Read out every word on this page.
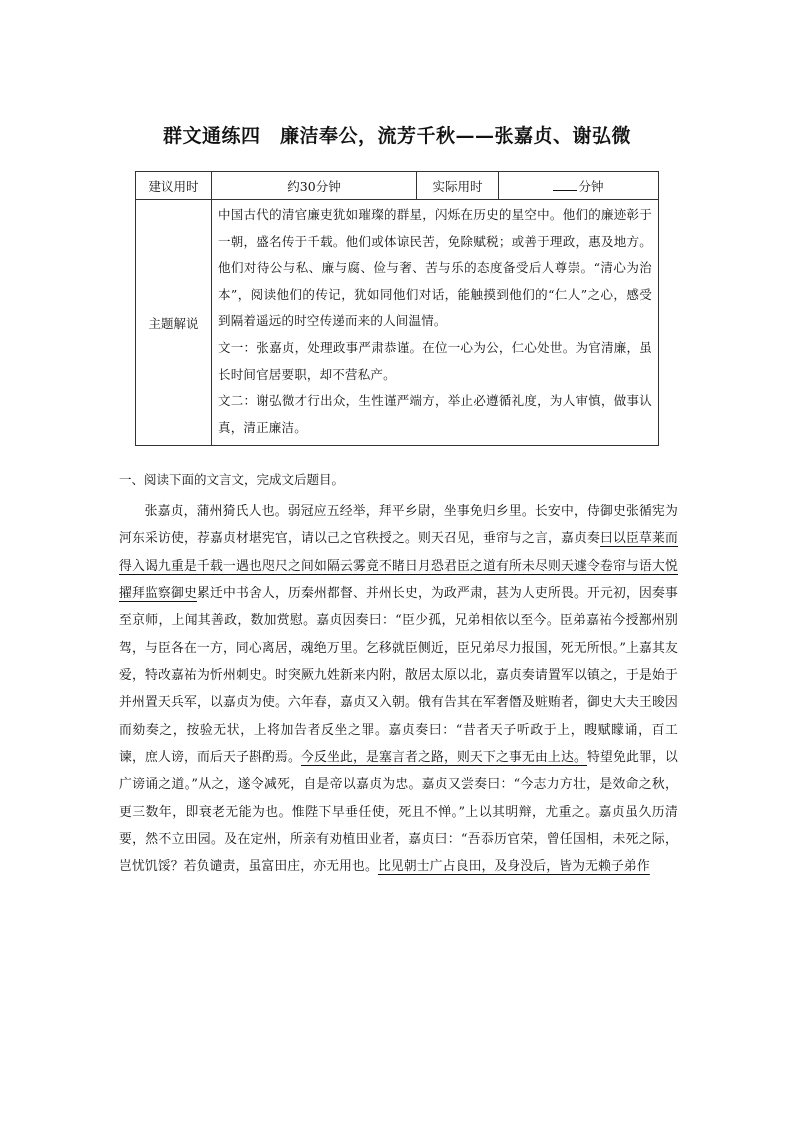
群文通练四　廉洁奉公，流芳千秋——张嘉贞、谢弘微
建议用时	约30分钟	实际用时	分钟
主题解说	中国古代的清官廉吏犹如璀璨的群星，闪烁在历史的星空中。他们的廉迹彰于一朝，盛名传于千载。他们或体谅民苦，免除赋税；或善于理政，惠及地方。他们对待公与私、廉与腐、俭与奢、苦与乐的态度备受后人尊崇。“清心为治本”，阅读他们的传记，犹如同他们对话，能触摸到他们的“仁人”之心，感受到隔着遥远的时空传递而来的人间温情。

文一：张嘉贞，处理政事严肃恭谨。在位一心为公，仁心处世。为官清廉，虽长时间官居要职，却不营私产。

文二：谢弘微才行出众，生性谨严端方，举止必遵循礼度，为人审慎，做事认真，清正廉洁。		

一、阅读下面的文言文，完成文后题目。

张嘉贞，蒲州猗氏人也。弱冠应五经举，拜平乡尉，坐事免归乡里。长安中，侍御史张循宪为河东采访使，荐嘉贞材堪宪官，请以己之官秩授之。则天召见，垂帘与之言，嘉贞奏曰以臣草莱而得入谒九重是千载一遇也咫尺之间如隔云雾竟不睹日月恐君臣之道有所未尽则天遽令卷帘与语大悦擢拜监察御史累迁中书舍人，历秦州都督、并州长史，为政严肃，甚为人吏所畏。开元初，因奏事至京师，上闻其善政，数加赏慰。嘉贞因奏曰：“臣少孤，兄弟相依以至今。臣弟嘉祐今授鄯州别驾，与臣各在一方，同心离居，魂绝万里。乞移就臣侧近，臣兄弟尽力报国，死无所恨。”上嘉其友爱，特改嘉祐为忻州刺史。时突厥九姓新来内附，散居太原以北，嘉贞奏请置军以镇之，于是始于并州置天兵军，以嘉贞为使。六年春，嘉贞又入朝。俄有告其在军奢僭及赃贿者，御史大夫王晙因而劾奏之，按验无状，上将加告者反坐之罪。嘉贞奏曰：“昔者天子听政于上，瞍赋矇诵，百工谏，庶人谤，而后天子斟酌焉。今反坐此，是塞言者之路，则天下之事无由上达。特望免此罪，以广谤诵之道。”从之，遂令减死，自是帝以嘉贞为忠。嘉贞又尝奏曰：“今志力方壮，是效命之秋，更三数年，即衰老无能为也。惟陛下早垂任使，死且不惮。”上以其明辩，尤重之。嘉贞虽久历清要，然不立田园。及在定州，所亲有劝植田业者，嘉贞曰：“吾忝历官荣，曾任国相，未死之际，岂忧饥馁？若负谴责，虽富田庄，亦无用也。比见朝士广占良田，及身没后，皆为无赖子弟作
